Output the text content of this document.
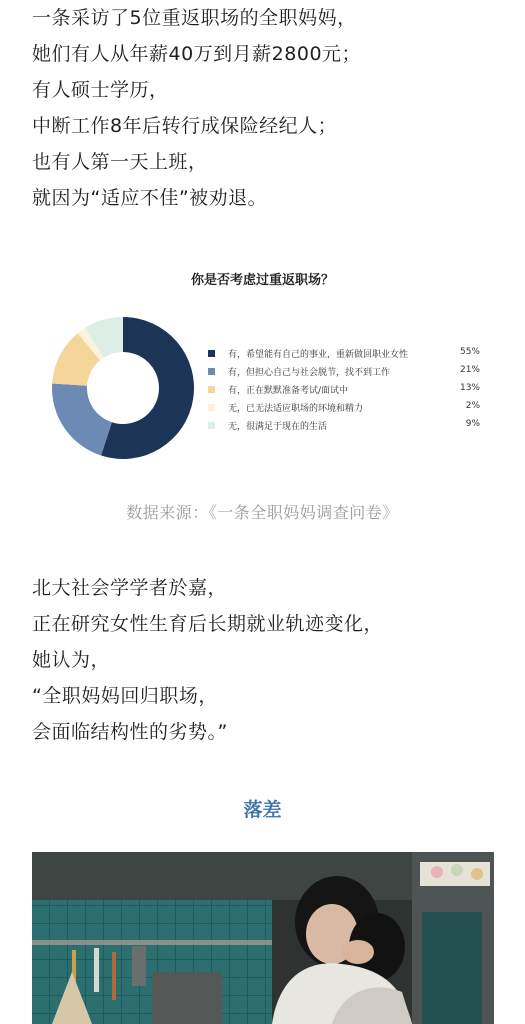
一条采访了5位重返职场的全职妈妈，

她们有人从年薪40万到月薪2800元；

有人硕士学历，

中断工作8年后转行成保险经纪人；

也有人第一天上班，

就因为“适应不佳”被劝退。

你是否考虑过重返职场？
有，希望能有自己的事业，重新做回职业女性	55%
有，但担心自己与社会脱节，找不到工作	21%
有，正在默默准备考试/面试中	13%
无，已无法适应职场的环境和精力	2%
无，很满足于现在的生活	9%
数据来源：《一条全职妈妈调查问卷》

北大社会学学者於嘉，

正在研究女性生育后长期就业轨迹变化，

她认为，

“全职妈妈回归职场，

会面临结构性的劣势。”

落差
